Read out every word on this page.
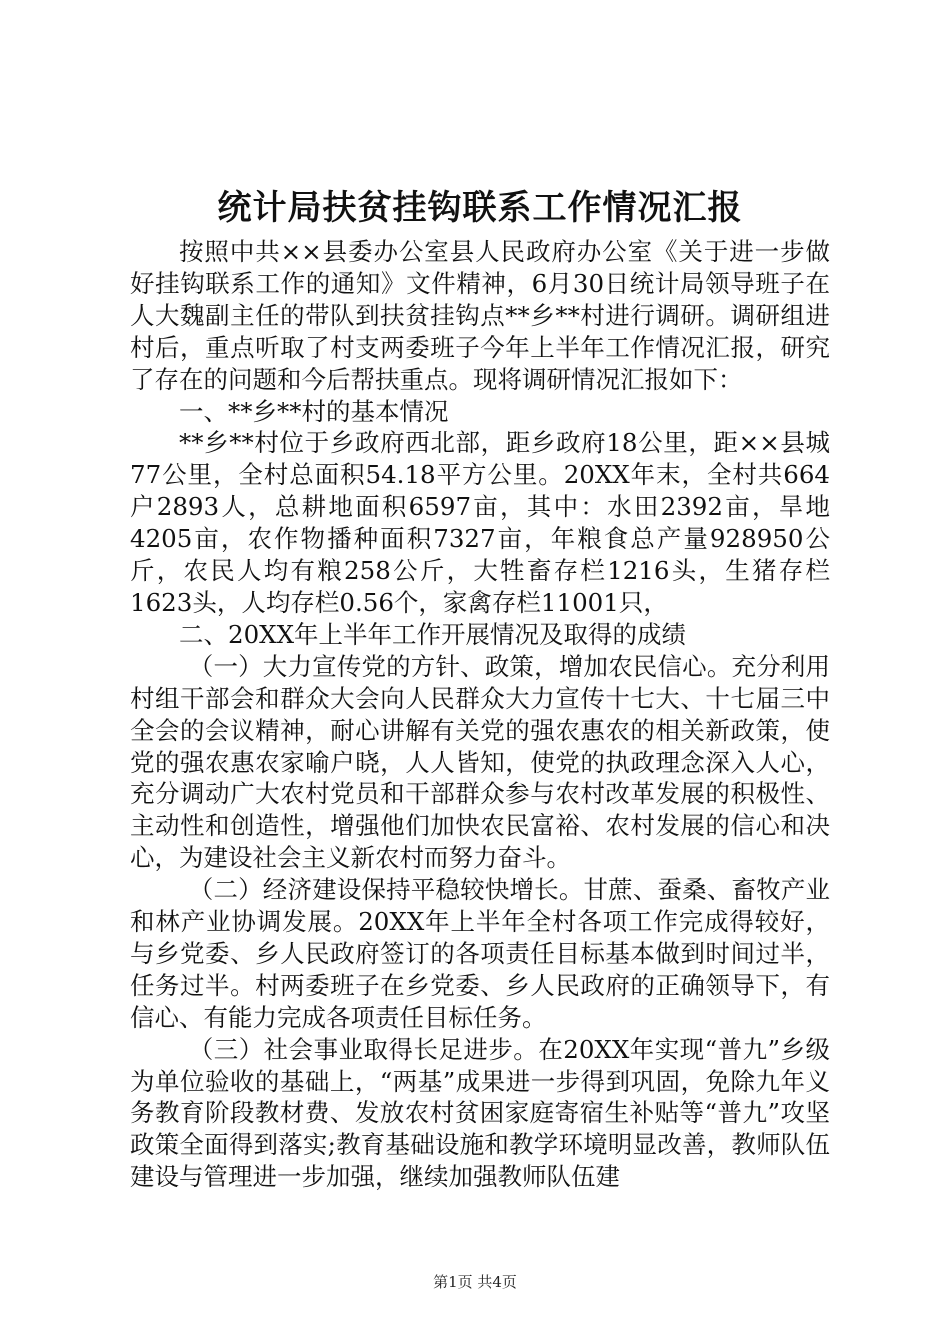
统计局扶贫挂钩联系工作情况汇报

按照中共××县委办公室县人民政府办公室《关于进一步做好挂钩联系工作的通知》文件精神，6月30日统计局领导班子在人大魏副主任的带队到扶贫挂钩点**乡**村进行调研。调研组进村后，重点听取了村支两委班子今年上半年工作情况汇报，研究了存在的问题和今后帮扶重点。现将调研情况汇报如下：

一、**乡**村的基本情况

**乡**村位于乡政府西北部，距乡政府18公里，距××县城77公里，全村总面积54.18平方公里。20XX年末，全村共664户2893人，总耕地面积6597亩，其中：水田2392亩，旱地4205亩，农作物播种面积7327亩，年粮食总产量928950公斤，农民人均有粮258公斤，大牲畜存栏1216头，生猪存栏1623头，人均存栏0.56个，家禽存栏11001只，

二、20XX年上半年工作开展情况及取得的成绩

（一）大力宣传党的方针、政策，增加农民信心。充分利用村组干部会和群众大会向人民群众大力宣传十七大、十七届三中全会的会议精神，耐心讲解有关党的强农惠农的相关新政策，使党的强农惠农家喻户晓，人人皆知，使党的执政理念深入人心，充分调动广大农村党员和干部群众参与农村改革发展的积极性、主动性和创造性，增强他们加快农民富裕、农村发展的信心和决心，为建设社会主义新农村而努力奋斗。

（二）经济建设保持平稳较快增长。甘蔗、蚕桑、畜牧产业和林产业协调发展。20XX年上半年全村各项工作完成得较好，与乡党委、乡人民政府签订的各项责任目标基本做到时间过半，任务过半。村两委班子在乡党委、乡人民政府的正确领导下，有信心、有能力完成各项责任目标任务。

（三）社会事业取得长足进步。在20XX年实现“普九”乡级为单位验收的基础上，“两基”成果进一步得到巩固，免除九年义务教育阶段教材费、发放农村贫困家庭寄宿生补贴等“普九”攻坚政策全面得到落实;教育基础设施和教学环境明显改善，教师队伍建设与管理进一步加强，继续加强教师队伍建

第1页 共4页
